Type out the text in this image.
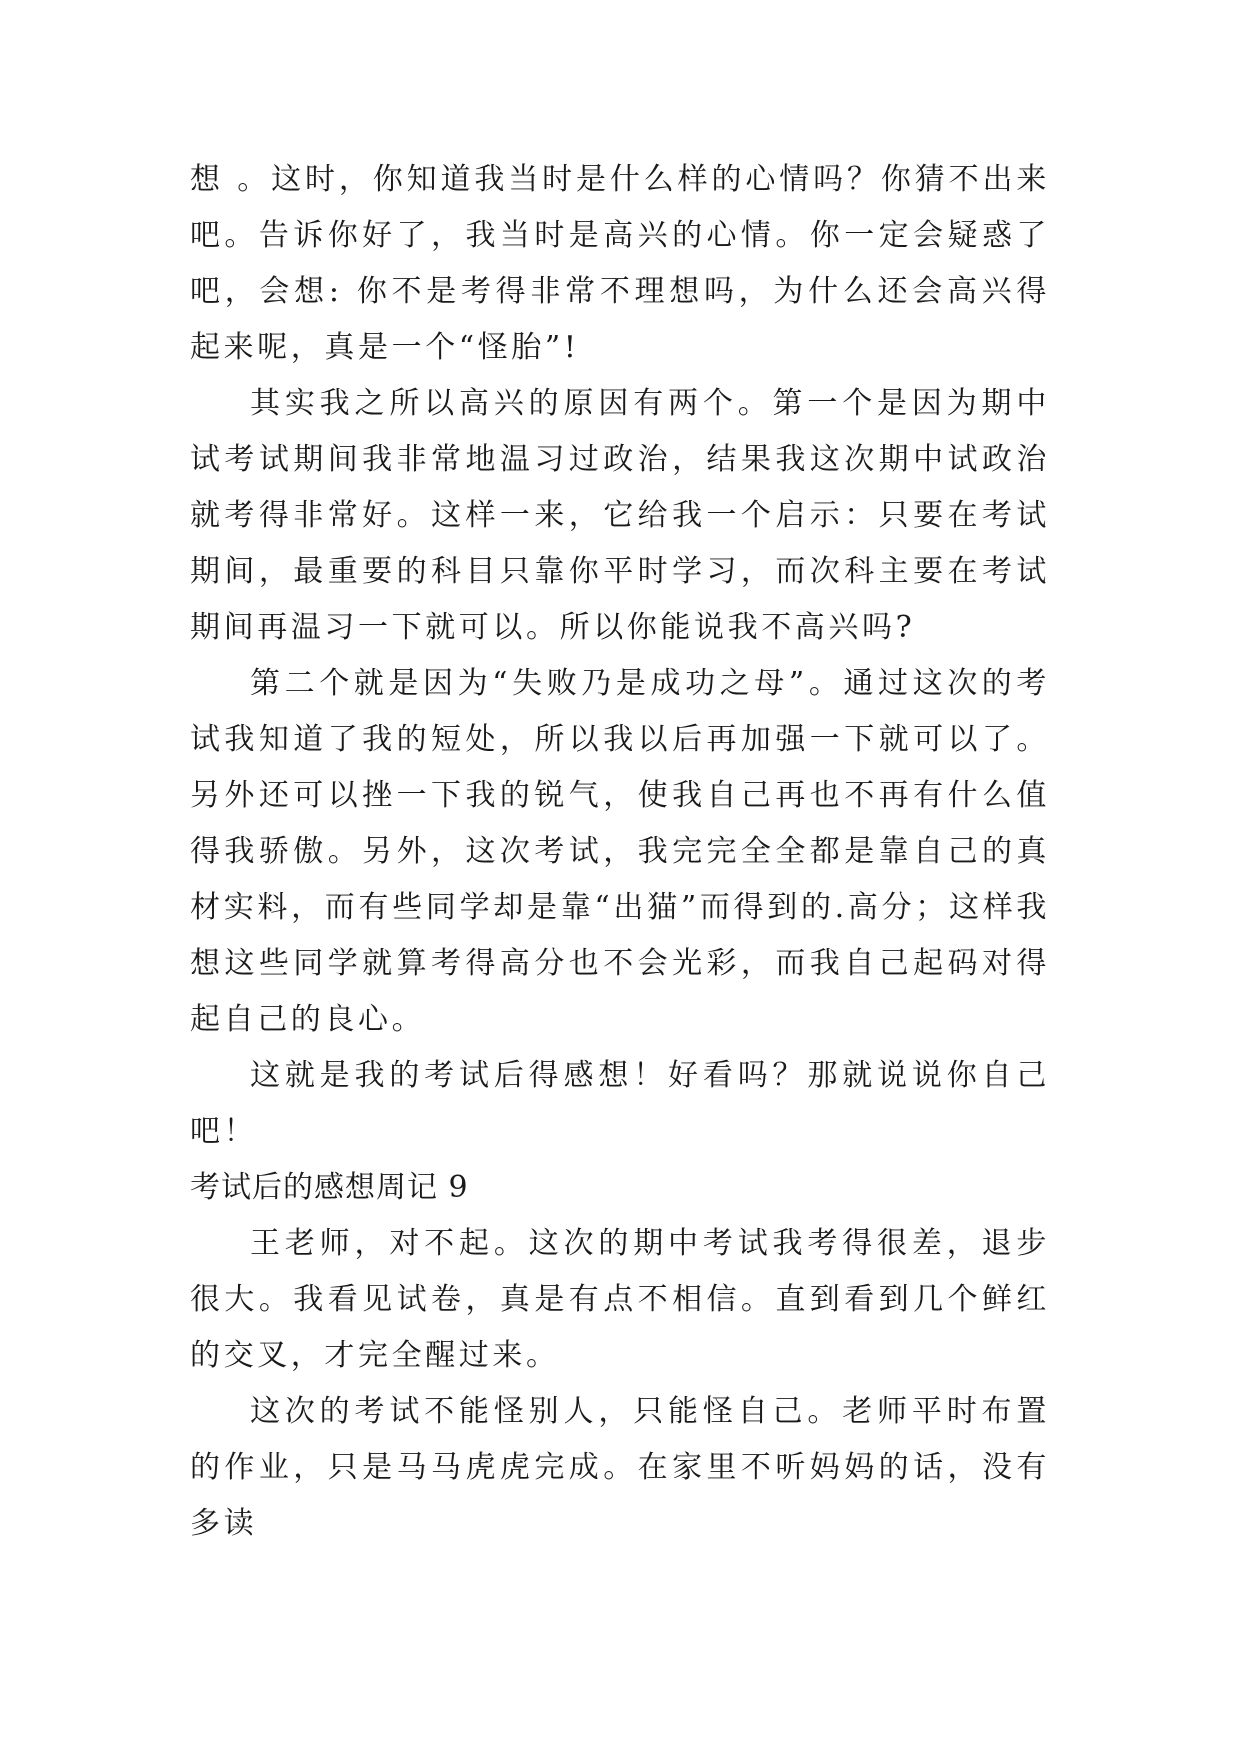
想 。这时，你知道我当时是什么样的心情吗？你猜不出来吧。告诉你好了，我当时是高兴的心情。你一定会疑惑了吧，会想: 你不是考得非常不理想吗，为什么还会高兴得起来呢，真是一个“怪胎”!

其实我之所以高兴的原因有两个。第一个是因为期中试考试期间我非常地温习过政治，结果我这次期中试政治就考得非常好。这样一来，它给我一个启示：只要在考试期间，最重要的科目只靠你平时学习，而次科主要在考试期间再温习一下就可以。所以你能说我不高兴吗?

第二个就是因为“失败乃是成功之母”。通过这次的考试我知道了我的短处，所以我以后再加强一下就可以了。另外还可以挫一下我的锐气，使我自己再也不再有什么值得我骄傲。另外，这次考试，我完完全全都是靠自己的真材实料，而有些同学却是靠“出猫”而得到的.高分；这样我想这些同学就算考得高分也不会光彩，而我自己起码对得起自己的良心。

这就是我的考试后得感想！好看吗？那就说说你自己吧！

考试后的感想周记 9

王老师，对不起。这次的期中考试我考得很差，退步很大。我看见试卷，真是有点不相信。直到看到几个鲜红的交叉，才完全醒过来。

这次的考试不能怪别人，只能怪自己。老师平时布置的作业，只是马马虎虎完成。在家里不听妈妈的话，没有多读
